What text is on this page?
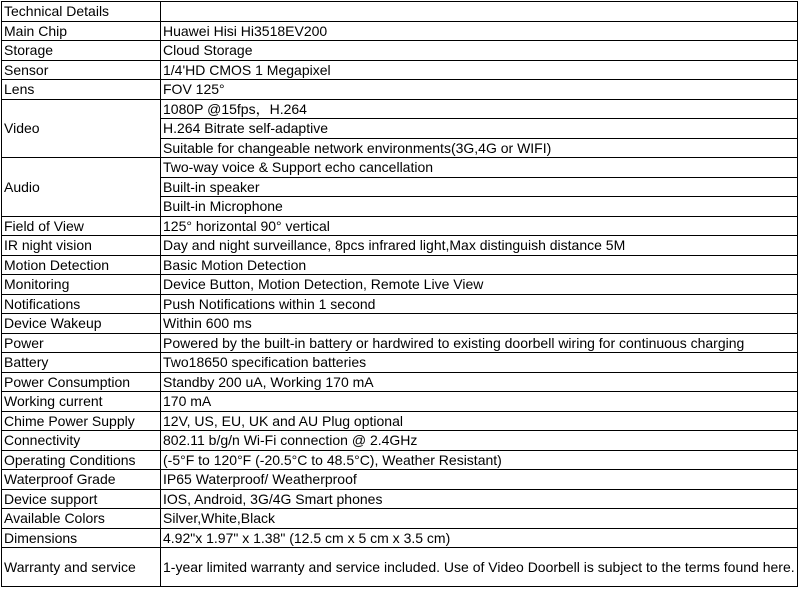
Technical Details	
Main Chip	Huawei Hisi Hi3518EV200
Storage	Cloud Storage
Sensor	1/4'HD CMOS 1 Megapixel
Lens	FOV 125°
Video	1080P @15fps，H.264
	H.264 Bitrate self-adaptive
	Suitable for changeable network environments(3G,4G or WIFI)
Audio	Two-way voice & Support echo cancellation
	Built-in speaker
	Built-in Microphone
Field of View	125° horizontal 90° vertical
IR night vision	Day and night surveillance, 8pcs infrared light,Max distinguish distance 5M
Motion Detection	Basic Motion Detection
Monitoring	Device Button, Motion Detection, Remote Live View
Notifications	Push Notifications within 1 second
Device Wakeup	Within 600 ms
Power	Powered by the built-in battery or hardwired to existing doorbell wiring for continuous charging
Battery	Two18650 specification batteries
Power Consumption	Standby 200 uA, Working 170 mA
Working current	170 mA
Chime Power Supply	12V, US, EU, UK and AU Plug optional
Connectivity	802.11 b/g/n Wi-Fi connection @ 2.4GHz
Operating Conditions	(-5°F to 120°F (-20.5°C to 48.5°C), Weather Resistant)
Waterproof Grade	IP65 Waterproof/ Weatherproof
Device support	IOS, Android, 3G/4G Smart phones
Available Colors	Silver,White,Black
Dimensions	4.92"x 1.97" x 1.38" (12.5 cm x 5 cm x 3.5 cm)
Warranty and service	1-year limited warranty and service included. Use of Video Doorbell is subject to the terms found here.
